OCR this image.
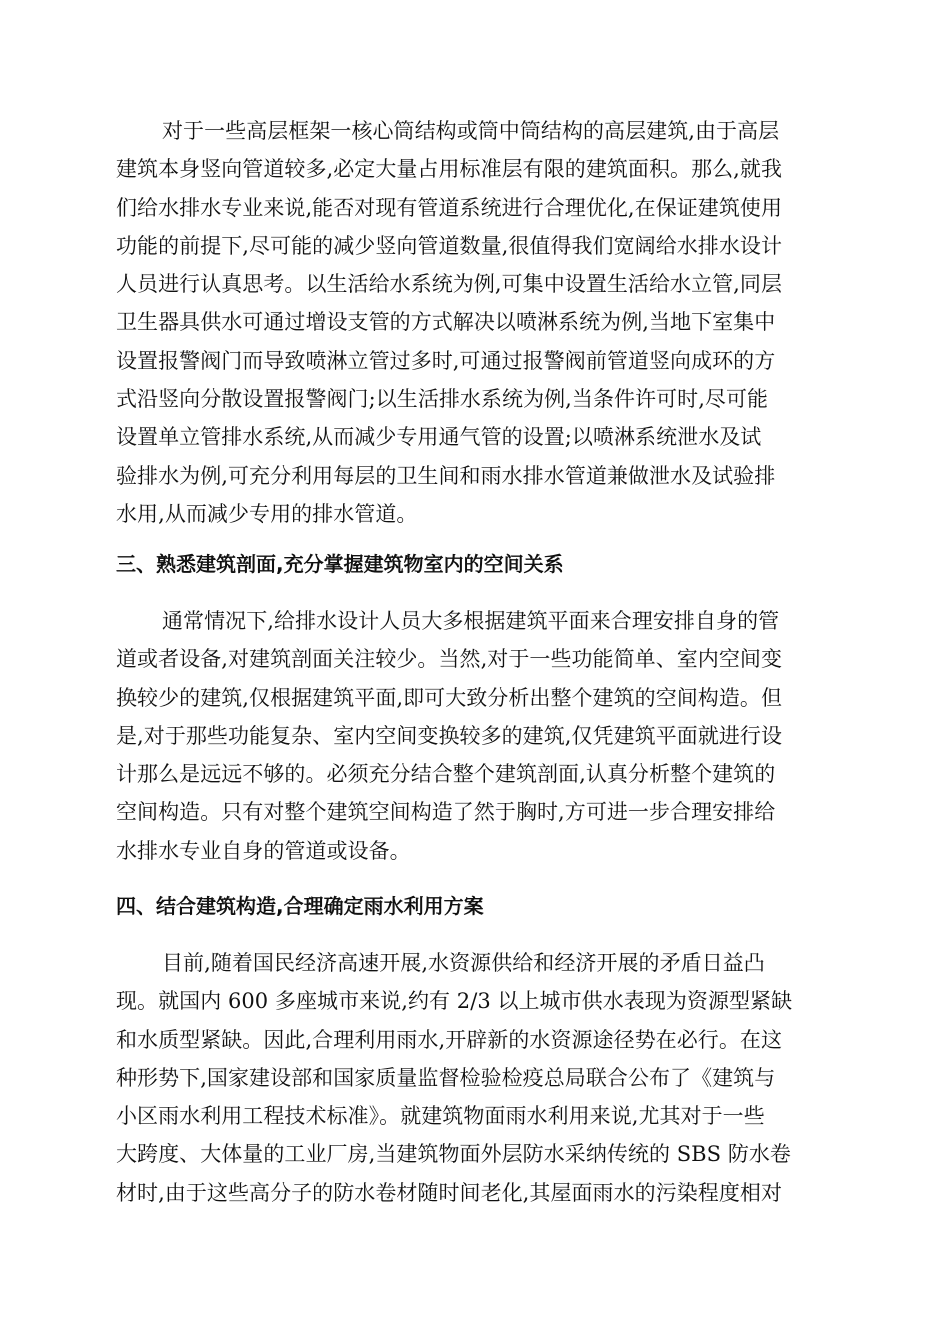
对于一些高层框架一核心筒结构或筒中筒结构的高层建筑,由于高层
建筑本身竖向管道较多,必定大量占用标准层有限的建筑面积。那么,就我
们给水排水专业来说,能否对现有管道系统进行合理优化,在保证建筑使用
功能的前提下,尽可能的减少竖向管道数量,很值得我们宽阔给水排水设计
人员进行认真思考。以生活给水系统为例,可集中设置生活给水立管,同层
卫生器具供水可通过增设支管的方式解决以喷淋系统为例,当地下室集中
设置报警阀门而导致喷淋立管过多时,可通过报警阀前管道竖向成环的方
式沿竖向分散设置报警阀门;以生活排水系统为例,当条件许可时,尽可能
设置单立管排水系统,从而减少专用通气管的设置;以喷淋系统泄水及试
验排水为例,可充分利用每层的卫生间和雨水排水管道兼做泄水及试验排
水用,从而减少专用的排水管道。
三、熟悉建筑剖面,充分掌握建筑物室内的空间关系
通常情况下,给排水设计人员大多根据建筑平面来合理安排自身的管
道或者设备,对建筑剖面关注较少。当然,对于一些功能简单、室内空间变
换较少的建筑,仅根据建筑平面,即可大致分析出整个建筑的空间构造。但
是,对于那些功能复杂、室内空间变换较多的建筑,仅凭建筑平面就进行设
计那么是远远不够的。必须充分结合整个建筑剖面,认真分析整个建筑的
空间构造。只有对整个建筑空间构造了然于胸时,方可进一步合理安排给
水排水专业自身的管道或设备。
四、结合建筑构造,合理确定雨水利用方案
目前,随着国民经济高速开展,水资源供给和经济开展的矛盾日益凸
现。就国内 600 多座城市来说,约有 2/3 以上城市供水表现为资源型紧缺
和水质型紧缺。因此,合理利用雨水,开辟新的水资源途径势在必行。在这
种形势下,国家建设部和国家质量监督检验检疫总局联合公布了《建筑与
小区雨水利用工程技术标准》。就建筑物面雨水利用来说,尤其对于一些
大跨度、大体量的工业厂房,当建筑物面外层防水采纳传统的 SBS 防水卷
材时,由于这些高分子的防水卷材随时间老化,其屋面雨水的污染程度相对
